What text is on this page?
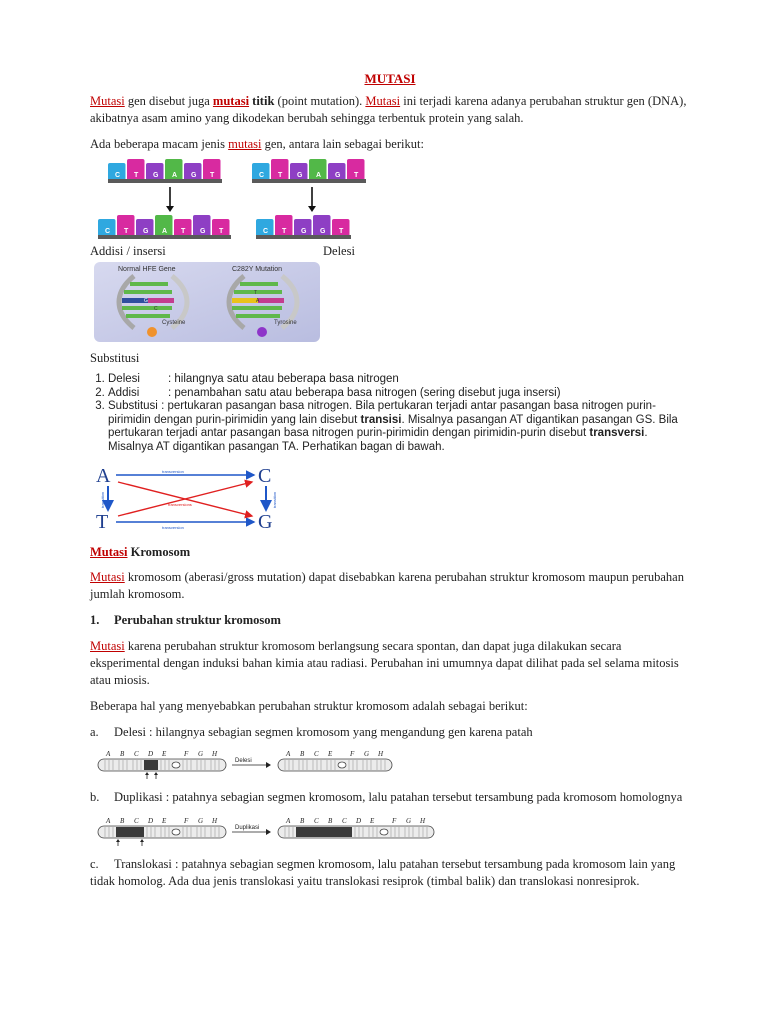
MUTASI

Mutasi gen disebut juga mutasi titik (point mutation). Mutasi ini terjadi karena adanya perubahan struktur gen (DNA), akibatnya asam amino yang dikodekan berubah sehingga terbentuk protein yang salah.

Ada beberapa macam jenis mutasi gen, antara lain sebagai berikut:

C T G A G T
C T G A T G T
C T G A G T
C T G G T
Addisi / insersi	Delesi
Normal HFE Gene	C282Y Mutation
G
C
Cysteine
T
A
Tyrosine

Substitusi

1. Delesi : hilangnya satu atau beberapa basa nitrogen
2. Addisi : penambahan satu atau beberapa basa nitrogen (sering disebut juga insersi)
3. Substitusi : pertukaran pasangan basa nitrogen. Bila pertukaran terjadi antar pasangan basa nitrogen purin-pirimidin dengan purin-pirimidin yang lain disebut transisi. Misalnya pasangan AT digantikan pasangan GS. Bila pertukaran terjadi antar pasangan basa nitrogen purin-pirimidin dengan pirimidin-purin disebut transversi. Misalnya AT digantikan pasangan TA. Perhatikan bagan di bawah.
A	C
T	G
transversion
transversion
transversions
transition	transition

Mutasi Kromosom

Mutasi kromosom (aberasi/gross mutation) dapat disebabkan karena perubahan struktur kromosom maupun perubahan jumlah kromosom.

1. Perubahan struktur kromosom

Mutasi karena perubahan struktur kromosom berlangsung secara spontan, dan dapat juga dilakukan secara eksperimental dengan induksi bahan kimia atau radiasi. Perubahan ini umumnya dapat dilihat pada sel selama mitosis atau miosis.

Beberapa hal yang menyebabkan perubahan struktur kromosom adalah sebagai berikut:

a. Delesi : hilangnya sebagian segmen kromosom yang mengandung gen karena patah

A B C D E	F G H
Delesi
A B C E	F G H

b. Duplikasi : patahnya sebagian segmen kromosom, lalu patahan tersebut tersambung pada kromosom homolognya

A B C D E	F G H
Duplikasi
A B C B C D E	F G H

c. Translokasi : patahnya sebagian segmen kromosom, lalu patahan tersebut tersambung pada kromosom lain yang tidak homolog. Ada dua jenis translokasi yaitu translokasi resiprok (timbal balik) dan translokasi nonresiprok.
